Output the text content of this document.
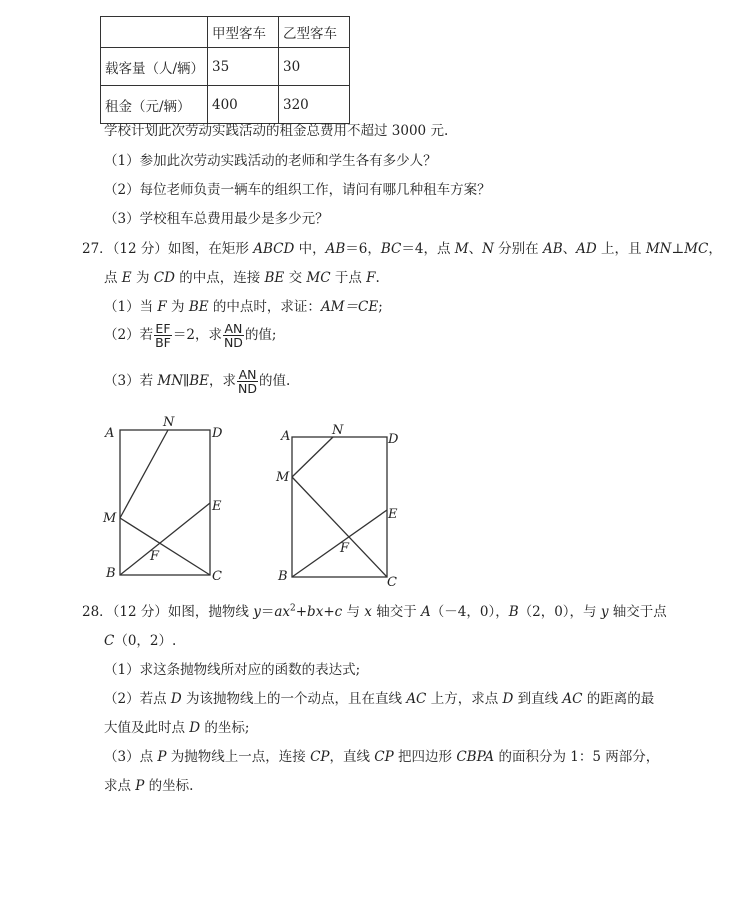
	甲型客车	乙型客车
载客量（人/辆）	35	30
租金（元/辆）	400	320
学校计划此次劳动实践活动的租金总费用不超过 3000 元.
（1）参加此次劳动实践活动的老师和学生各有多少人？
（2）每位老师负责一辆车的组织工作，请问有哪几种租车方案？
（3）学校租车总费用最少是多少元？
27．（12 分）如图，在矩形 ABCD 中，AB＝6，BC＝4，点 M、N 分别在 AB、AD 上，且 MN⊥MC，
点 E 为 CD 的中点，连接 BE 交 MC 于点 F.
（1）当 F 为 BE 的中点时，求证：AM＝CE;
（2）若 $\frac{EF}{BF} =2$，求 $\frac{AN}{ND}$ 的值;
（3）若 MN∥BE，求 $\frac{AN}{ND}$ 的值.
A
N
D
M
E
F
B	C
A	N
D
M
E
F
B	C
28．（12 分）如图，抛物线 $y=ax^2+bx+c$ 与 x 轴交于 A（－4，0），B（2，0），与 y 轴交于点
C（0，2）.
（1）求这条抛物线所对应的函数的表达式;
（2）若点 D 为该抛物线上的一个动点，且在直线 AC 上方，求点 D 到直线 AC 的距离的最
大值及此时点 D 的坐标;
（3）点 P 为抛物线上一点，连接 CP，直线 CP 把四边形 CBPA 的面积分为 1：5 两部分，
求点 P 的坐标.
